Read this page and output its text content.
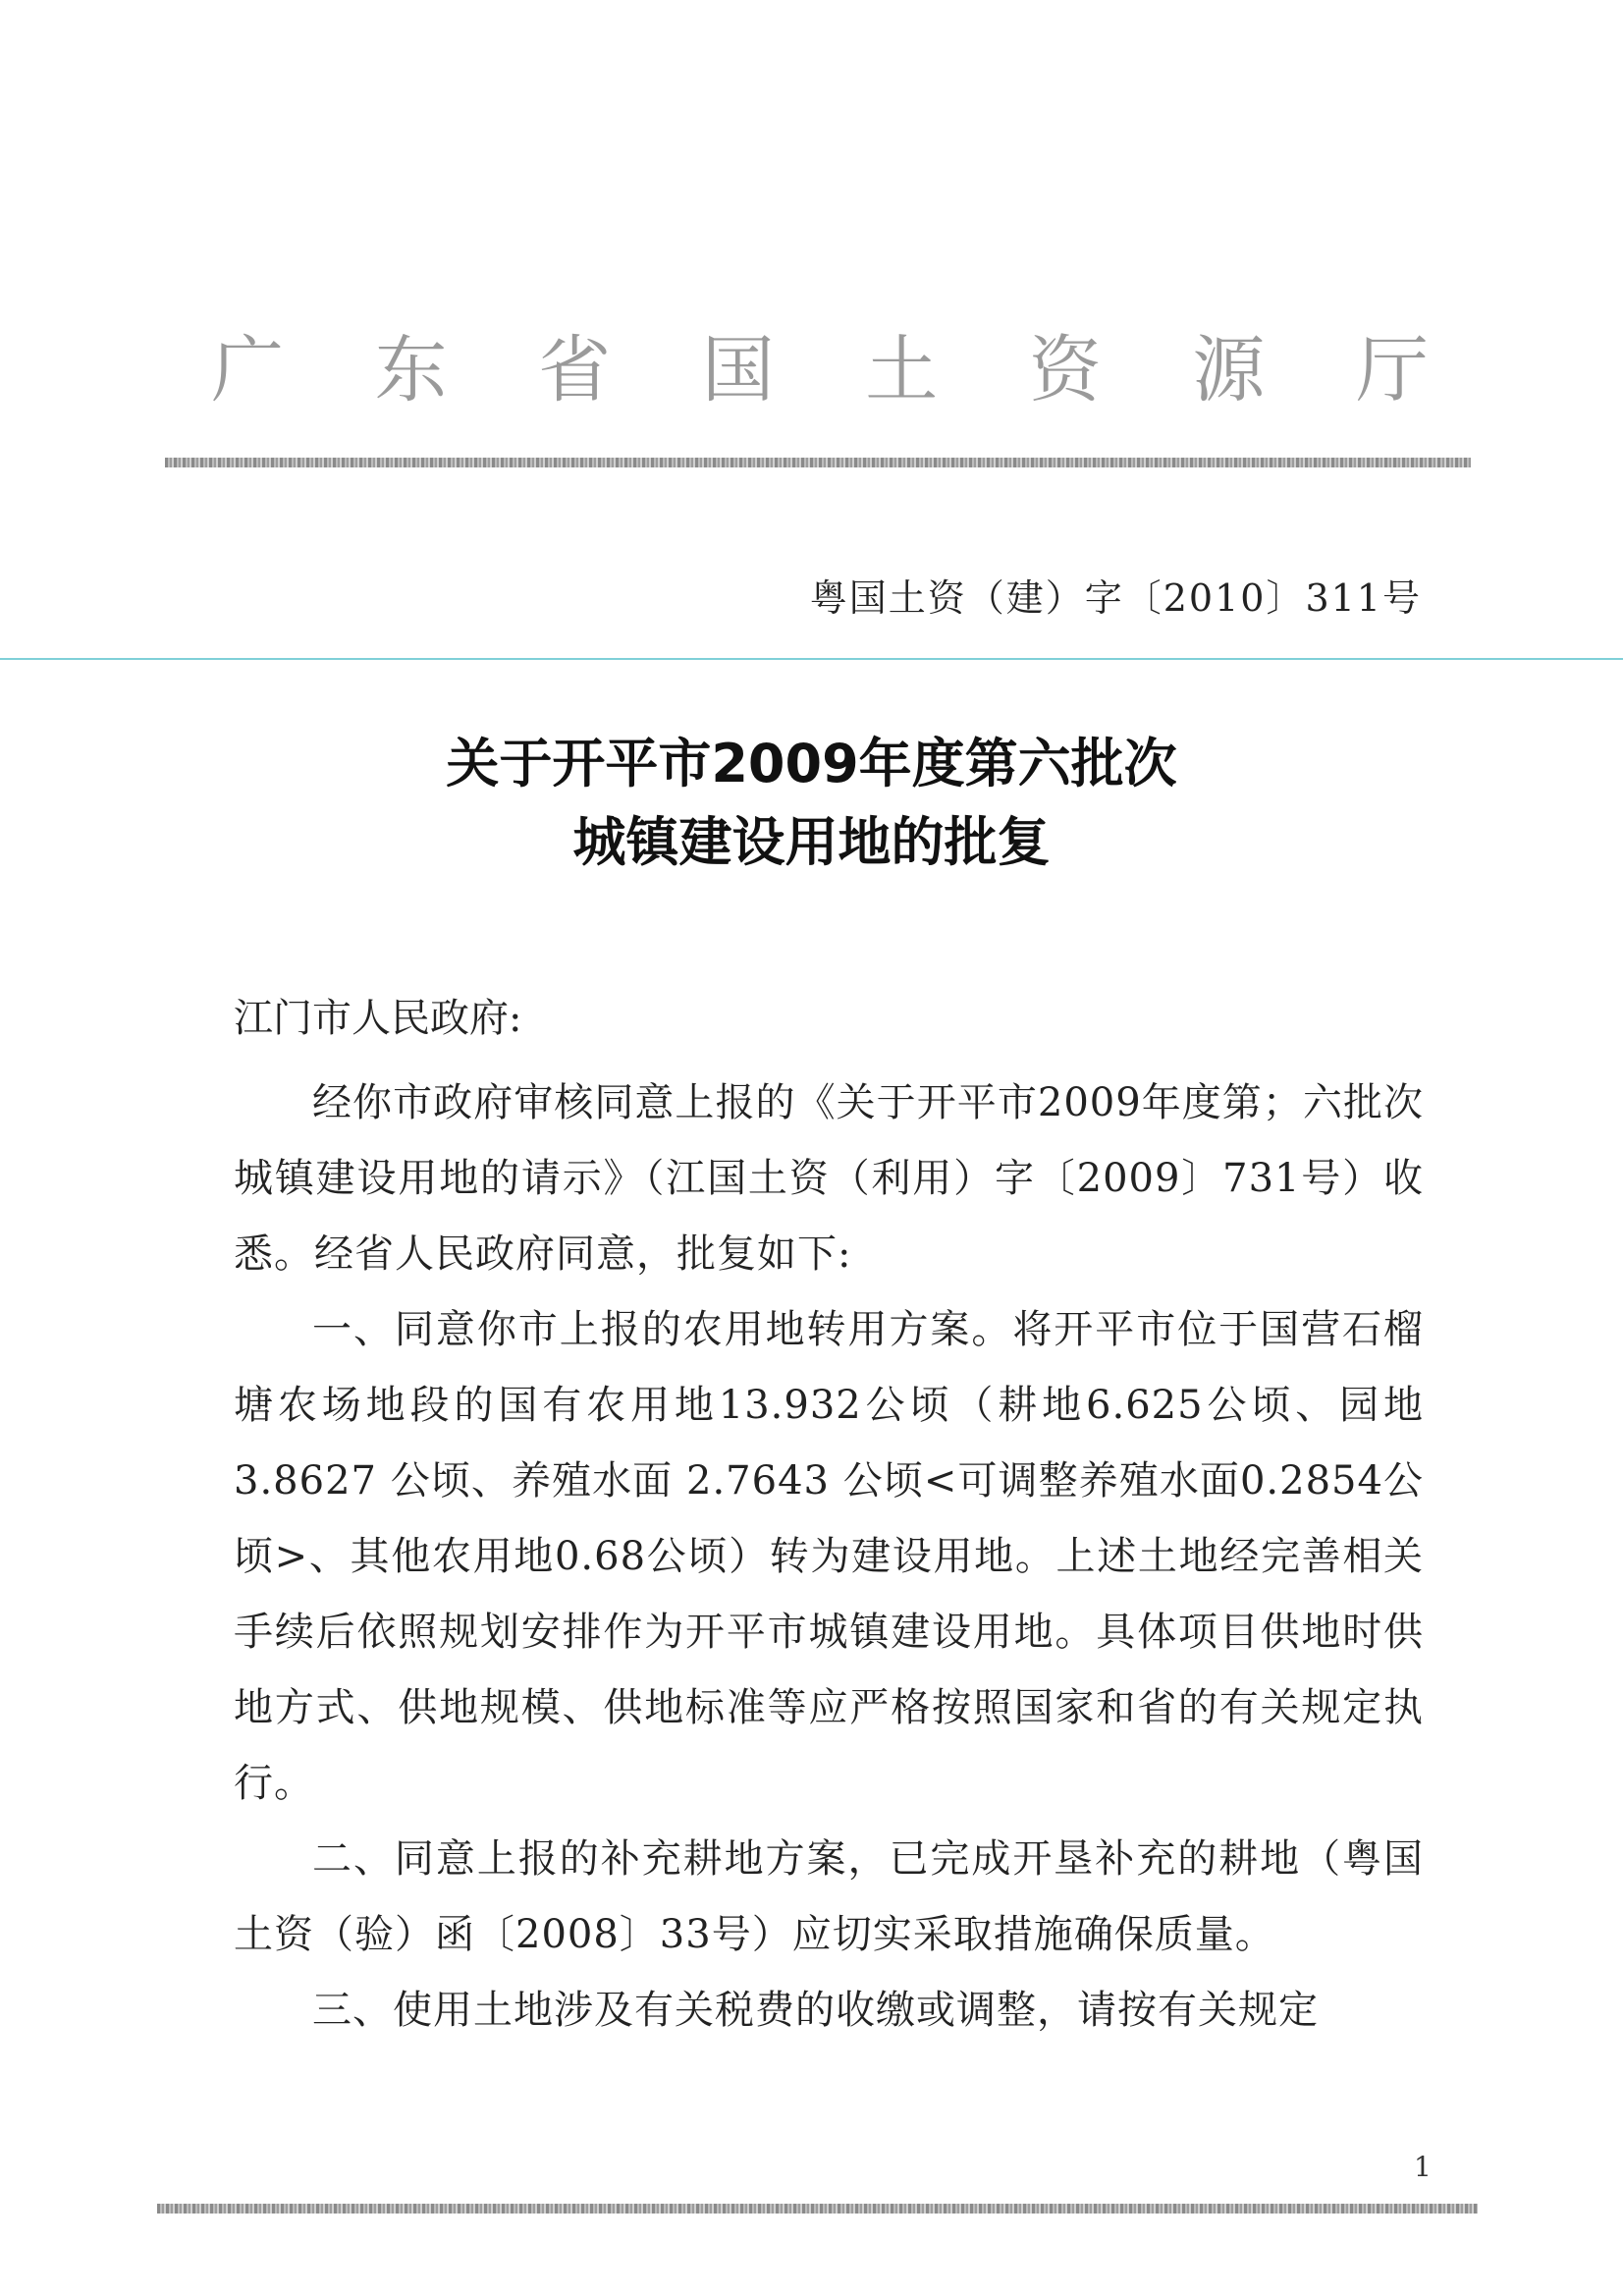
广 东 省 国 土 资 源 厅
粤国土资（建）字〔2010〕311号
关于开平市2009年度第六批次
城镇建设用地的批复
江门市人民政府:

经你市政府审核同意上报的《关于开平市2009年度第；六批次城镇建设用地的请示》（江国土资（利用）字〔2009〕731号）收悉。经省人民政府同意，批复如下:

一、同意你市上报的农用地转用方案。将开平市位于国营石榴塘农场地段的国有农用地13.932公顷（耕地6.625公顷、园地 3.8627 公顷、养殖水面 2.7643 公顷<可调整养殖水面0.2854公顷>、其他农用地0.68公顷）转为建设用地。上述土地经完善相关手续后依照规划安排作为开平市城镇建设用地。具体项目供地时供地方式、供地规模、供地标准等应严格按照国家和省的有关规定执行。

二、同意上报的补充耕地方案，已完成开垦补充的耕地（粤国土资（验）函〔2008〕33号）应切实采取措施确保质量。

三、使用土地涉及有关税费的收缴或调整，请按有关规定

1
